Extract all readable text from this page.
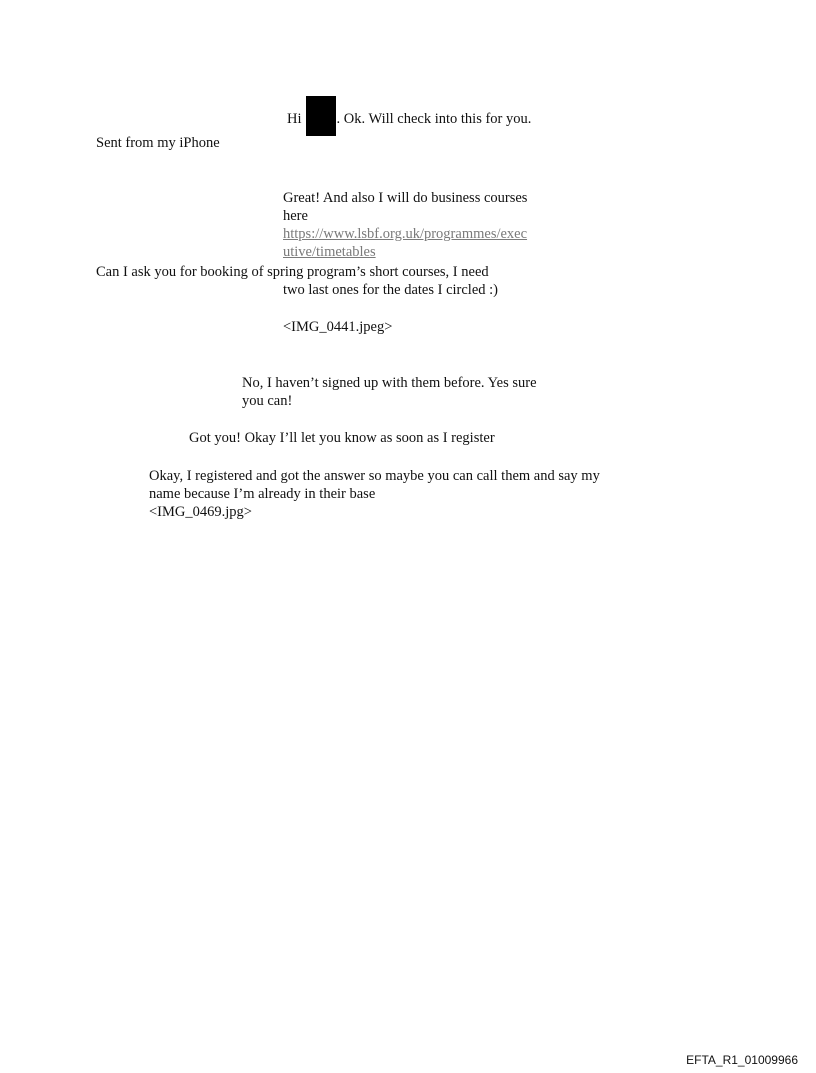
Hi . Ok. Will check into this for you.

Sent from my iPhone

Great! And also I will do business courses
here
https://www.lsbf.org.uk/programmes/exec
utive/timetables
Can I ask you for booking of spring program’s short courses, I need
two last ones for the dates I circled :)

<IMG_0441.jpeg>

No, I haven’t signed up with them before. Yes sure
you can!

Got you! Okay I’ll let you know as soon as I register

Okay, I registered and got the answer so maybe you can call them and say my
name because I’m already in their base
<IMG_0469.jpg>
EFTA_R1_01009966
